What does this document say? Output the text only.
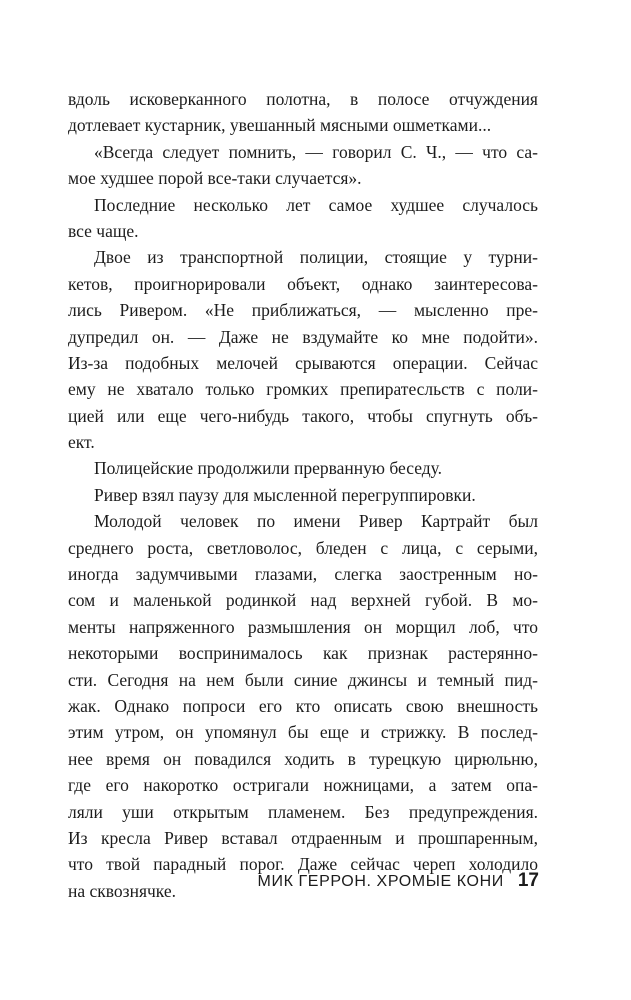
вдоль исковерканного полотна, в полосе отчуждения
дотлевает кустарник, увешанный мясными ошметками...
«Всегда следует помнить, — говорил С. Ч., — что са-
мое худшее порой все-таки случается».
Последние несколько лет самое худшее случалось
все чаще.
Двое из транспортной полиции, стоящие у турни-
кетов, проигнорировали объект, однако заинтересова-
лись Ривером. «Не приближаться, — мысленно пре-
дупредил он. — Даже не вздумайте ко мне подойти».
Из-за подобных мелочей срываются операции. Сейчас
ему не хватало только громких препиратесльств с поли-
цией или еще чего-нибудь такого, чтобы спугнуть объ-
ект.
Полицейские продолжили прерванную беседу.
Ривер взял паузу для мысленной перегруппировки.
Молодой человек по имени Ривер Картрайт был
среднего роста, светловолос, бледен с лица, с серыми,
иногда задумчивыми глазами, слегка заостренным но-
сом и маленькой родинкой над верхней губой. В мо-
менты напряженного размышления он морщил лоб, что
некоторыми воспринималось как признак растерянно-
сти. Сегодня на нем были синие джинсы и темный пид-
жак. Однако попроси его кто описать свою внешность
этим утром, он упомянул бы еще и стрижку. В послед-
нее время он повадился ходить в турецкую цирюльню,
где его накоротко остригали ножницами, а затем опа-
ляли уши открытым пламенем. Без предупреждения.
Из кресла Ривер вставал отдраенным и прошпаренным,
что твой парадный порог. Даже сейчас череп холодило
на сквознячке.	МИК ГЕРРОН. ХРОМЫЕ КОНИ 17
